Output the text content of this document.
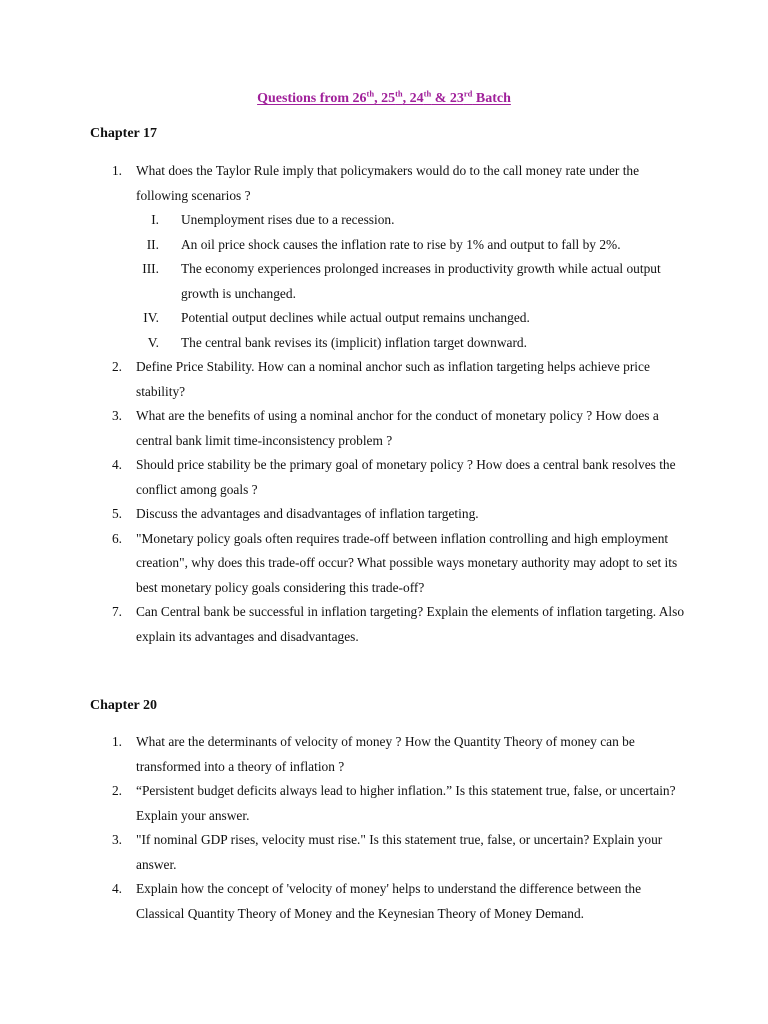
Questions from 26th, 25th, 24th & 23rd Batch
Chapter 17
1. What does the Taylor Rule imply that policymakers would do to the call money rate under the following scenarios ?
I. Unemployment rises due to a recession.
II. An oil price shock causes the inflation rate to rise by 1% and output to fall by 2%.
III. The economy experiences prolonged increases in productivity growth while actual output growth is unchanged.
IV. Potential output declines while actual output remains unchanged.
V. The central bank revises its (implicit) inflation target downward.
2. Define Price Stability. How can a nominal anchor such as inflation targeting helps achieve price stability?
3. What are the benefits of using a nominal anchor for the conduct of monetary policy ? How does a central bank limit time-inconsistency problem ?
4. Should price stability be the primary goal of monetary policy ? How does a central bank resolves the conflict among goals ?
5. Discuss the advantages and disadvantages of inflation targeting.
6. "Monetary policy goals often requires trade-off between inflation controlling and high employment creation", why does this trade-off occur? What possible ways monetary authority may adopt to set its best monetary policy goals considering this trade-off?
7. Can Central bank be successful in inflation targeting? Explain the elements of inflation targeting. Also explain its advantages and disadvantages.
Chapter 20
1. What are the determinants of velocity of money ? How the Quantity Theory of money can be transformed into a theory of inflation ?
2. “Persistent budget deficits always lead to higher inflation.” Is this statement true, false, or uncertain? Explain your answer.
3. "If nominal GDP rises, velocity must rise." Is this statement true, false, or uncertain? Explain your answer.
4. Explain how the concept of 'velocity of money' helps to understand the difference between the Classical Quantity Theory of Money and the Keynesian Theory of Money Demand.
